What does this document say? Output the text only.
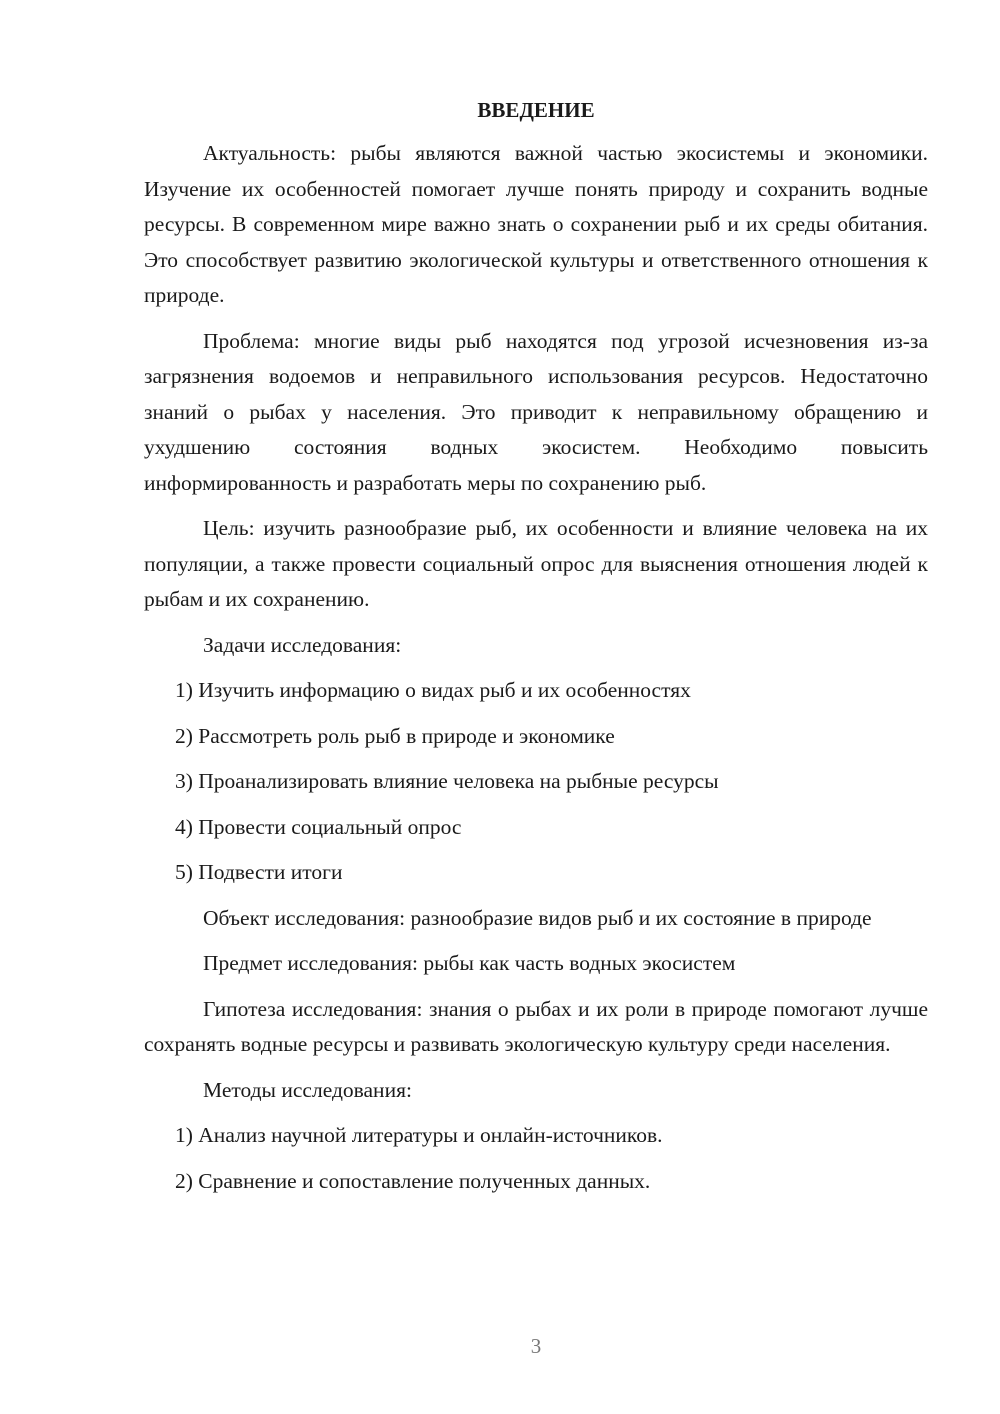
ВВЕДЕНИЕ
Актуальность: рыбы являются важной частью экосистемы и экономики. Изучение их особенностей помогает лучше понять природу и сохранить водные ресурсы. В современном мире важно знать о сохранении рыб и их среды обитания. Это способствует развитию экологической культуры и ответственного отношения к природе.
Проблема: многие виды рыб находятся под угрозой исчезновения из-за загрязнения водоемов и неправильного использования ресурсов. Недостаточно знаний о рыбах у населения. Это приводит к неправильному обращению и ухудшению состояния водных экосистем. Необходимо повысить информированность и разработать меры по сохранению рыб.
Цель: изучить разнообразие рыб, их особенности и влияние человека на их популяции, а также провести социальный опрос для выяснения отношения людей к рыбам и их сохранению.
Задачи исследования:
1) Изучить информацию о видах рыб и их особенностях
2) Рассмотреть роль рыб в природе и экономике
3) Проанализировать влияние человека на рыбные ресурсы
4) Провести социальный опрос
5) Подвести итоги
Объект исследования: разнообразие видов рыб и их состояние в природе
Предмет исследования: рыбы как часть водных экосистем
Гипотеза исследования: знания о рыбах и их роли в природе помогают лучше сохранять водные ресурсы и развивать экологическую культуру среди населения.
Методы исследования:
1) Анализ научной литературы и онлайн-источников.
2) Сравнение и сопоставление полученных данных.
3
